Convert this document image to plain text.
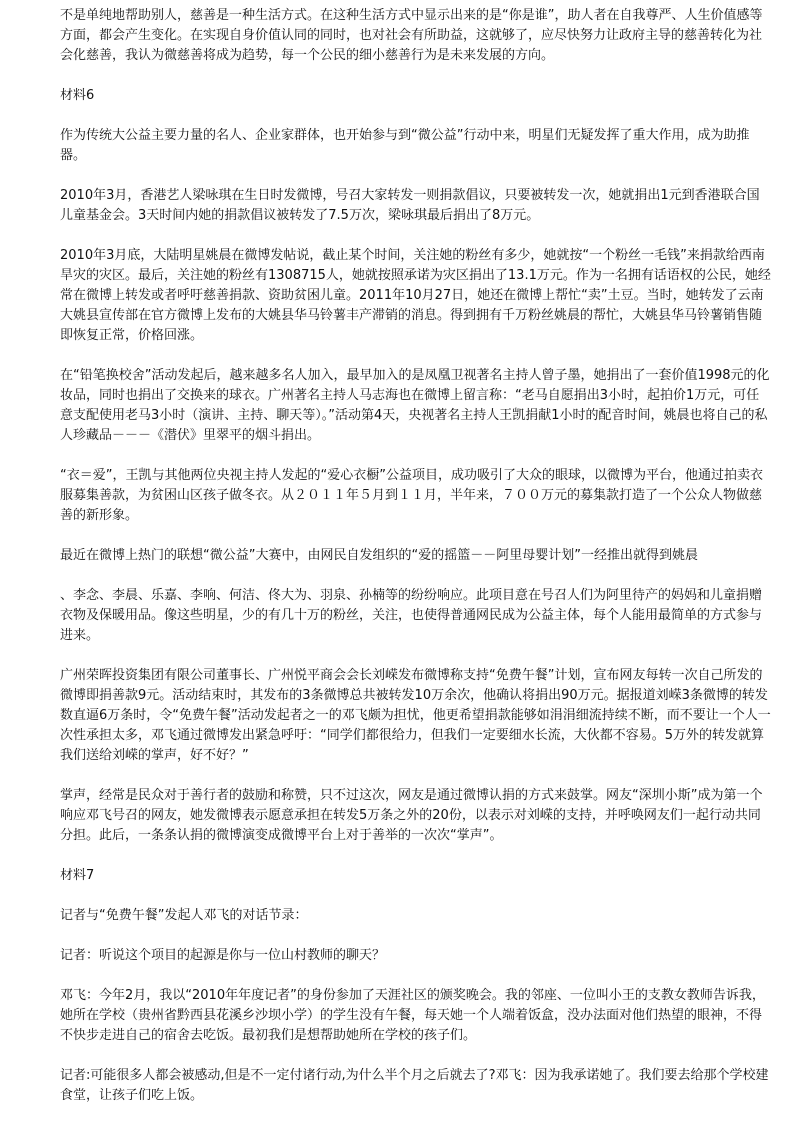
不是单纯地帮助别人，慈善是一种生活方式。在这种生活方式中显示出来的是“你是谁”，助人者在自我尊严、人生价值感等方面，都会产生变化。在实现自身价值认同的同时，也对社会有所助益，这就够了，应尽快努力让政府主导的慈善转化为社会化慈善，我认为微慈善将成为趋势，每一个公民的细小慈善行为是未来发展的方向。

材料6

作为传统大公益主要力量的名人、企业家群体，也开始参与到“微公益”行动中来，明星们无疑发挥了重大作用，成为助推器。

2010年3月，香港艺人梁咏琪在生日时发微博，号召大家转发一则捐款倡议，只要被转发一次，她就捐出1元到香港联合国儿童基金会。3天时间内她的捐款倡议被转发了7.5万次，梁咏琪最后捐出了8万元。

2010年3月底，大陆明星姚晨在微博发帖说，截止某个时间，关注她的粉丝有多少，她就按“一个粉丝一毛钱”来捐款给西南旱灾的灾区。最后，关注她的粉丝有1308715人，她就按照承诺为灾区捐出了13.1万元。作为一名拥有话语权的公民，她经常在微博上转发或者呼吁慈善捐款、资助贫困儿童。2011年10月27日，她还在微博上帮忙“卖”土豆。当时，她转发了云南大姚县宣传部在官方微博上发布的大姚县华马铃薯丰产滞销的消息。得到拥有千万粉丝姚晨的帮忙，大姚县华马铃薯销售随即恢复正常，价格回涨。

在“铅笔换校舍”活动发起后，越来越多名人加入，最早加入的是凤凰卫视著名主持人曾子墨，她捐出了一套价值1998元的化妆品，同时也捐出了交换来的球衣。广州著名主持人马志海也在微博上留言称：“老马自愿捐出3小时，起拍价1万元，可任意支配使用老马3小时（演讲、主持、聊天等）。”活动第4天，央视著名主持人王凯捐献1小时的配音时间，姚晨也将自己的私人珍藏品－－－《潜伏》里翠平的烟斗捐出。

“衣＝爱”，王凯与其他两位央视主持人发起的“爱心衣橱”公益项目，成功吸引了大众的眼球，以微博为平台，他通过拍卖衣服募集善款，为贫困山区孩子做冬衣。从２０１１年５月到１１月，半年来，７００万元的募集款打造了一个公众人物做慈善的新形象。

最近在微博上热门的联想“微公益”大赛中，由网民自发组织的“爱的摇篮－－阿里母婴计划”一经推出就得到姚晨

、李念、李晨、乐嘉、李响、何洁、佟大为、羽泉、孙楠等的纷纷响应。此项目意在号召人们为阿里待产的妈妈和儿童捐赠衣物及保暖用品。像这些明星，少的有几十万的粉丝，关注，也使得普通网民成为公益主体，每个人能用最简单的方式参与进来。

广州荣晖投资集团有限公司董事长、广州悦平商会会长刘嵘发布微博称支持“免费午餐”计划，宣布网友每转一次自己所发的微博即捐善款9元。活动结束时，其发布的3条微博总共被转发10万余次，他确认将捐出90万元。据报道刘嵘3条微博的转发数直逼6万条时，令“免费午餐”活动发起者之一的邓飞颇为担忧，他更希望捐款能够如涓涓细流持续不断，而不要让一个人一次性承担太多，邓飞通过微博发出紧急呼吁：“同学们都很给力，但我们一定要细水长流，大伙都不容易。5万外的转发就算我们送给刘嵘的掌声，好不好？”

掌声，经常是民众对于善行者的鼓励和称赞，只不过这次，网友是通过微博认捐的方式来鼓掌。网友“深圳小斯”成为第一个响应邓飞号召的网友，她发微博表示愿意承担在转发5万条之外的20份，以表示对刘嵘的支持，并呼唤网友们一起行动共同分担。此后，一条条认捐的微博演变成微博平台上对于善举的一次次“掌声”。

材料7

记者与“免费午餐”发起人邓飞的对话节录：

记者：听说这个项目的起源是你与一位山村教师的聊天？

邓飞：今年2月，我以“2010年年度记者”的身份参加了天涯社区的颁奖晚会。我的邻座、一位叫小王的支教女教师告诉我，她所在学校（贵州省黔西县花溪乡沙坝小学）的学生没有午餐，每天她一个人端着饭盒，没办法面对他们热望的眼神，不得不快步走进自己的宿舍去吃饭。最初我们是想帮助她所在学校的孩子们。

记者:可能很多人都会被感动,但是不一定付诸行动,为什么半个月之后就去了?邓飞：因为我承诺她了。我们要去给那个学校建食堂，让孩子们吃上饭。
